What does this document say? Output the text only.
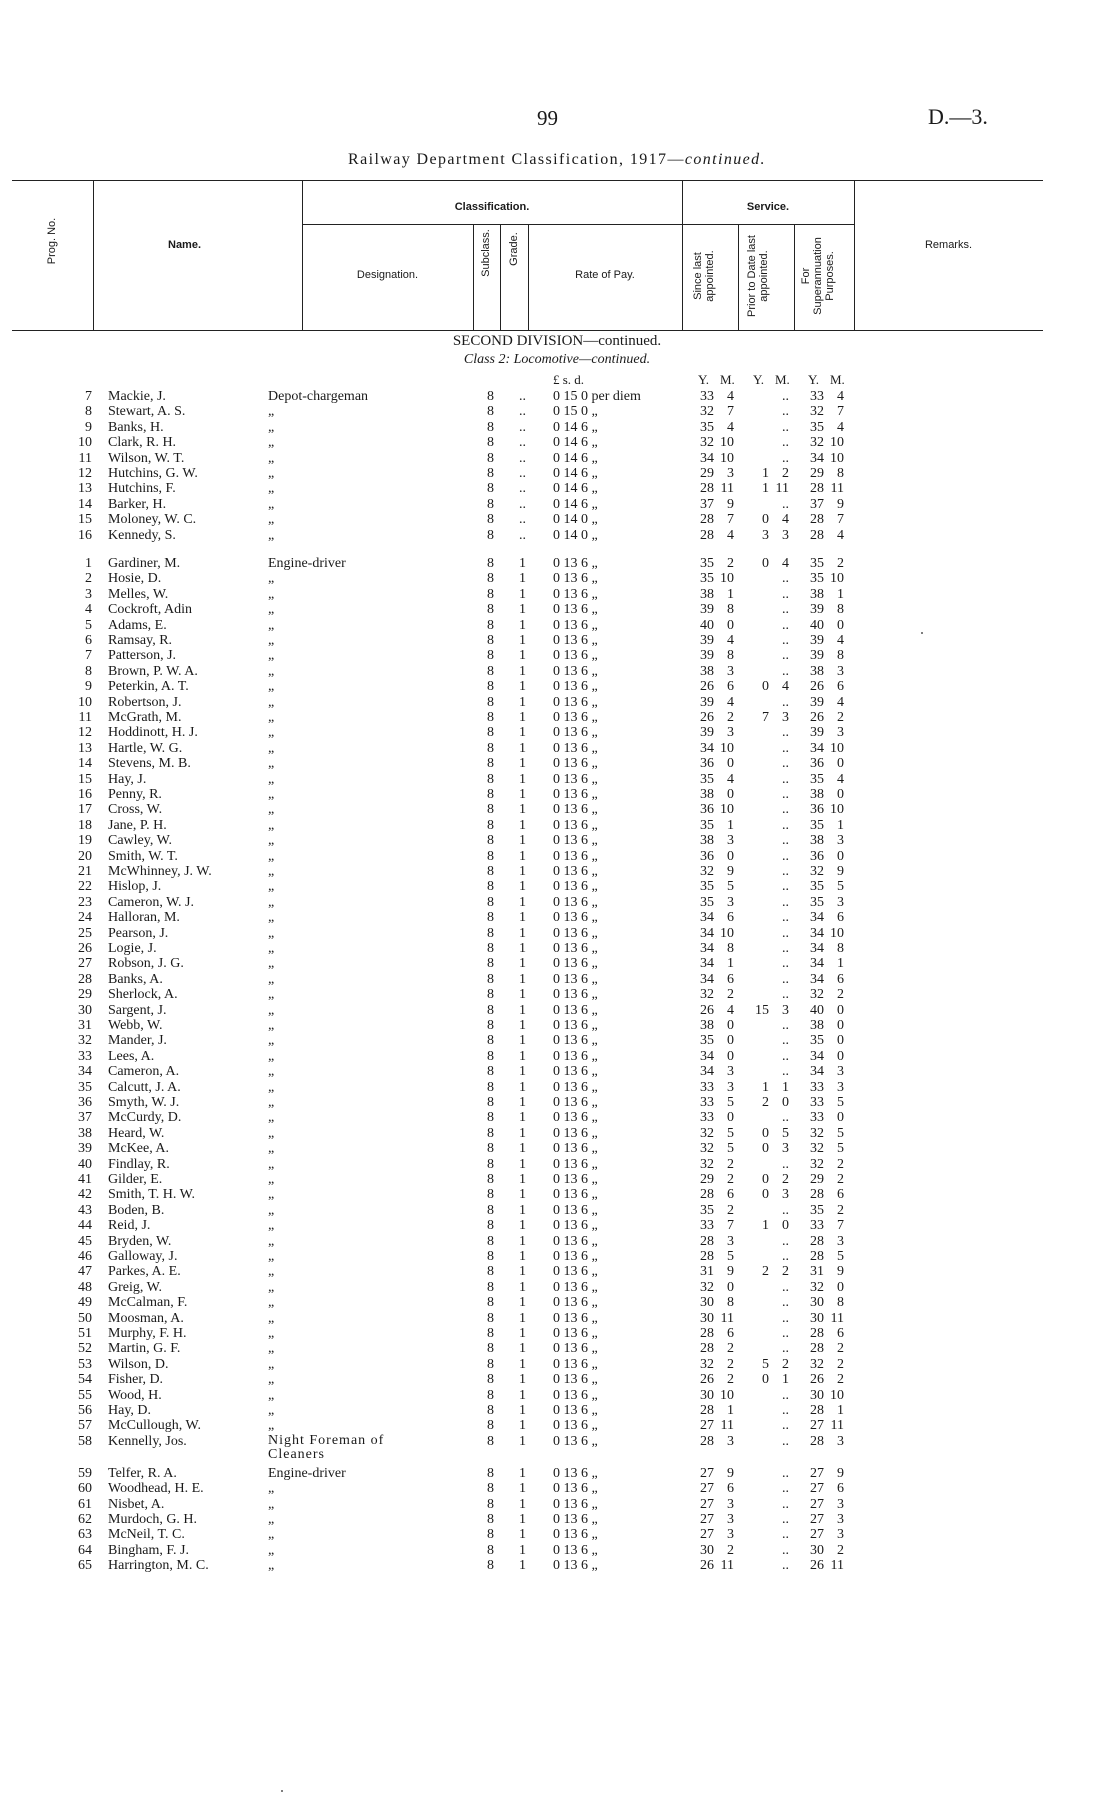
99	D.—3.
Railway Department Classification, 1917—continued.
Prog. No.	Name.
Classification.
Designation.	Subclass. Grade.
Rate of Pay.
Service.
Since last appointed.	Prior to Date last appointed.	For Superannuation Purposes.
Remarks.
SECOND DIVISION—continued.
Class 2: Locomotive—continued.
£ s. d.	Y. M. Y. M. Y. M.
7 Mackie, J.	Depot-chargeman	8 .. 0 15 0 per diem	33 4	..	33 4
8 Stewart, A. S.	„	8 .. 0 15 0 „	32 7	..	32 7
9 Banks, H.	„	8 .. 0 14 6 „	35 4	..	35 4
10 Clark, R. H.	„	8 .. 0 14 6 „	32 10	..	32 10
11 Wilson, W. T.	„	8 .. 0 14 6 „	34 10	..	34 10
12 Hutchins, G. W.	„	8 .. 0 14 6 „	29 3	1 2	29 8
13 Hutchins, F.	„	8 .. 0 14 6 „	28 11	1 11	28 11
14 Barker, H.	„	8 .. 0 14 6 „	37 9	..	37 9
15 Moloney, W. C.	„	8 .. 0 14 0 „	28 7	0 4	28 7
16 Kennedy, S.	„	8 .. 0 14 0 „	28 4	3 3	28 4
1 Gardiner, M.	Engine-driver	8 1 0 13 6 „	35 2	0 4	35 2
2 Hosie, D.	„	8 1 0 13 6 „	35 10	..	35 10
3 Melles, W.	„	8 1 0 13 6 „	38 1	..	38 1
4 Cockroft, Adin	„	8 1 0 13 6 „	39 8	..	39 8
5 Adams, E.	„	8 1 0 13 6 „	40 0	..	40 0
6 Ramsay, R.	„	8 1 0 13 6 „	39 4	..	39 4
7 Patterson, J.	„	8 1 0 13 6 „	39 8	..	39 8
8 Brown, P. W. A.	„	8 1 0 13 6 „	38 3	..	38 3
9 Peterkin, A. T.	„	8 1 0 13 6 „	26 6	0 4	26 6
10 Robertson, J.	„	8 1 0 13 6 „	39 4	..	39 4
11 McGrath, M.	„	8 1 0 13 6 „	26 2	7 3	26 2
12 Hoddinott, H. J.	„	8 1 0 13 6 „	39 3	..	39 3
13 Hartle, W. G.	„	8 1 0 13 6 „	34 10	..	34 10
14 Stevens, M. B.	„	8 1 0 13 6 „	36 0	..	36 0
15 Hay, J.	„	8 1 0 13 6 „	35 4	..	35 4
16 Penny, R.	„	8 1 0 13 6 „	38 0	..	38 0
17 Cross, W.	„	8 1 0 13 6 „	36 10	..	36 10
18 Jane, P. H.	„	8 1 0 13 6 „	35 1	..	35 1
19 Cawley, W.	„	8 1 0 13 6 „	38 3	..	38 3
20 Smith, W. T.	„	8 1 0 13 6 „	36 0	..	36 0
21 McWhinney, J. W.	„	8 1 0 13 6 „	32 9	..	32 9
22 Hislop, J.	„	8 1 0 13 6 „	35 5	..	35 5
23 Cameron, W. J.	„	8 1 0 13 6 „	35 3	..	35 3
24 Halloran, M.	„	8 1 0 13 6 „	34 6	..	34 6
25 Pearson, J.	„	8 1 0 13 6 „	34 10	..	34 10
26 Logie, J.	„	8 1 0 13 6 „	34 8	..	34 8
27 Robson, J. G.	„	8 1 0 13 6 „	34 1	..	34 1
28 Banks, A.	„	8 1 0 13 6 „	34 6	..	34 6
29 Sherlock, A.	„	8 1 0 13 6 „	32 2	..	32 2
30 Sargent, J.	„	8 1 0 13 6 „	26 4	15 3	40 0
31 Webb, W.	„	8 1 0 13 6 „	38 0	..	38 0
32 Mander, J.	„	8 1 0 13 6 „	35 0	..	35 0
33 Lees, A.	„	8 1 0 13 6 „	34 0	..	34 0
34 Cameron, A.	„	8 1 0 13 6 „	34 3	..	34 3
35 Calcutt, J. A.	„	8 1 0 13 6 „	33 3	1 1	33 3
36 Smyth, W. J.	„	8 1 0 13 6 „	33 5	2 0	33 5
37 McCurdy, D.	„	8 1 0 13 6 „	33 0	..	33 0
38 Heard, W.	„	8 1 0 13 6 „	32 5	0 5	32 5
39 McKee, A.	„	8 1 0 13 6 „	32 5	0 3	32 5
40 Findlay, R.	„	8 1 0 13 6 „	32 2	..	32 2
41 Gilder, E.	„	8 1 0 13 6 „	29 2	0 2	29 2
42 Smith, T. H. W.	„	8 1 0 13 6 „	28 6	0 3	28 6
43 Boden, B.	„	8 1 0 13 6 „	35 2	..	35 2
44 Reid, J.	„	8 1 0 13 6 „	33 7	1 0	33 7
45 Bryden, W.	„	8 1 0 13 6 „	28 3	..	28 3
46 Galloway, J.	„	8 1 0 13 6 „	28 5	..	28 5
47 Parkes, A. E.	„	8 1 0 13 6 „	31 9	2 2	31 9
48 Greig, W.	„	8 1 0 13 6 „	32 0	..	32 0
49 McCalman, F.	„	8 1 0 13 6 „	30 8	..	30 8
50 Moosman, A.	„	8 1 0 13 6 „	30 11	..	30 11
51 Murphy, F. H.	„	8 1 0 13 6 „	28 6	..	28 6
52 Martin, G. F.	„	8 1 0 13 6 „	28 2	..	28 2
53 Wilson, D.	„	8 1 0 13 6 „	32 2	5 2	32 2
54 Fisher, D.	„	8 1 0 13 6 „	26 2	0 1	26 2
55 Wood, H.	„	8 1 0 13 6 „	30 10	..	30 10
56 Hay, D.	„	8 1 0 13 6 „	28 1	..	28 1
57 McCullough, W.	„	8 1 0 13 6 „	27 11	..	27 11
58 Kennelly, Jos.	Night Foreman of Cleaners
8 1 0 13 6 „	28 3	..	28 3
59 Telfer, R. A.	Engine-driver	8 1 0 13 6 „	27 9	..	27 9
60 Woodhead, H. E.	„	8 1 0 13 6 „	27 6	..	27 6
61 Nisbet, A.	„	8 1 0 13 6 „	27 3	..	27 3
62 Murdoch, G. H.	„	8 1 0 13 6 „	27 3	..	27 3
63 McNeil, T. C.	„	8 1 0 13 6 „	27 3	..	27 3
64 Bingham, F. J.	„	8 1 0 13 6 „	30 2	..	30 2
65 Harrington, M. C.	„	8 1 0 13 6 „	26 11	..	26 11
